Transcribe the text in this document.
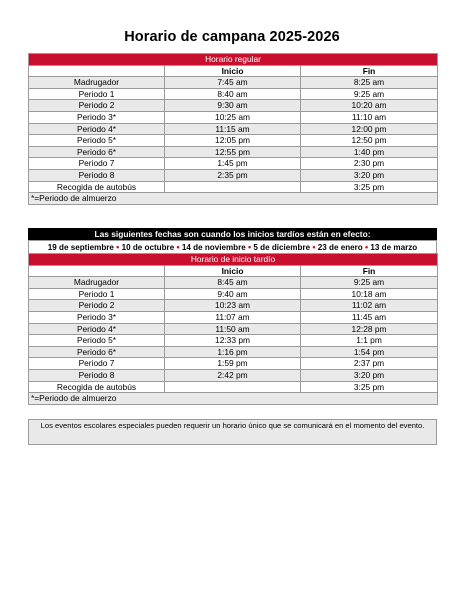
Horario de campana 2025-2026
Horario regular		
	Inicio	Fin
Madrugador	7:45 am	8:25 am
Periodo 1	8:40 am	9:25 am
Periodo 2	9:30 am	10:20 am
Periodo 3*	10:25 am	11:10 am
Periodo 4*	11:15 am	12:00 pm
Periodo 5*	12:05 pm	12:50 pm
Periodo 6*	12:55 pm	1:40 pm
Periodo 7	1:45 pm	2:30 pm
Periodo 8	2:35 pm	3:20 pm
Recogida de autobús		3:25 pm
*=Periodo de almuerzo		
Las siguientes fechas son cuando los inicios tardíos están en efecto:
19 de septiembre • 10 de octubre • 14 de noviembre • 5 de diciembre • 23 de enero • 13 de marzo
Horario de inicio tardío		
	Inicio	Fin
Madrugador	8:45 am	9:25 am
Periodo 1	9:40 am	10:18 am
Periodo 2	10:23 am	11:02 am
Periodo 3*	11:07 am	11:45 am
Periodo 4*	11:50 am	12:28 pm
Periodo 5*	12:33 pm	1:1 pm
Periodo 6*	1:16 pm	1:54 pm
Periodo 7	1:59 pm	2:37 pm
Periodo 8	2:42 pm	3:20 pm
Recogida de autobús		3:25 pm
*=Periodo de almuerzo		
Los eventos escolares especiales pueden requerir un horario único que se comunicará en el momento del evento.
